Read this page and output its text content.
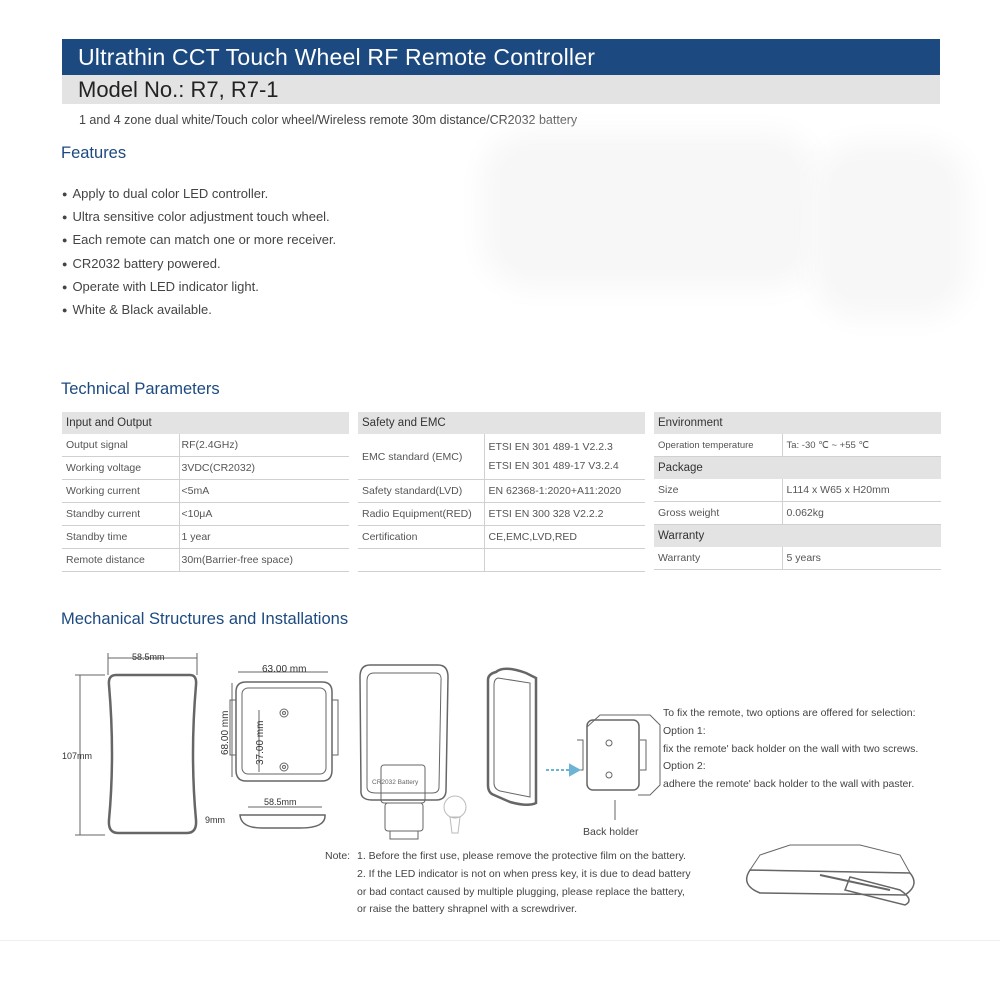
Ultrathin CCT Touch Wheel RF Remote Controller
Model No.: R7, R7-1
1 and 4 zone dual white/Touch color wheel/Wireless remote 30m distance/CR2032 battery
Features
● Apply to dual color LED controller.
● Ultra sensitive color adjustment touch wheel.
● Each remote can match one or more receiver.
● CR2032 battery powered.
● Operate with LED indicator light.
● White & Black available.
Technical Parameters
Input and Output	
Output signal	RF(2.4GHz)
Working voltage	3VDC(CR2032)
Working current	<5mA
Standby current	<10μA
Standby time	1 year
Remote distance	30m(Barrier-free space)
Safety and EMC	
EMC standard (EMC)	ETSI EN 301 489-1 V2.2.3
ETSI EN 301 489-17 V3.2.4

Safety standard(LVD)	EN 62368-1:2020+A11:2020
Radio Equipment(RED)	ETSI EN 300 328 V2.2.2
Certification	CE,EMC,LVD,RED

Environment	
Operation temperature	Ta: -30 ℃ ~ +55 ℃
Package	
Size	L114 x W65 x H20mm
Gross weight	0.062kg
Warranty	
Warranty	5 years
Mechanical Structures and Installations
58.5mm
107mm
63.00 mm
68.00 mm 37.00 mm
58.5mm
9mm
CR2032 Battery
Back holder
To fix the remote, two options are offered for selection:
Option 1:
fix the remote' back holder on the wall with two screws.
Option 2:
adhere the remote' back holder to the wall with paster.
Note: 1. Before the first use, please remove the protective film on the battery.
2. If the LED indicator is not on when press key, it is due to dead battery
or bad contact caused by multiple plugging, please replace the battery,
or raise the battery shrapnel with a screwdriver.
